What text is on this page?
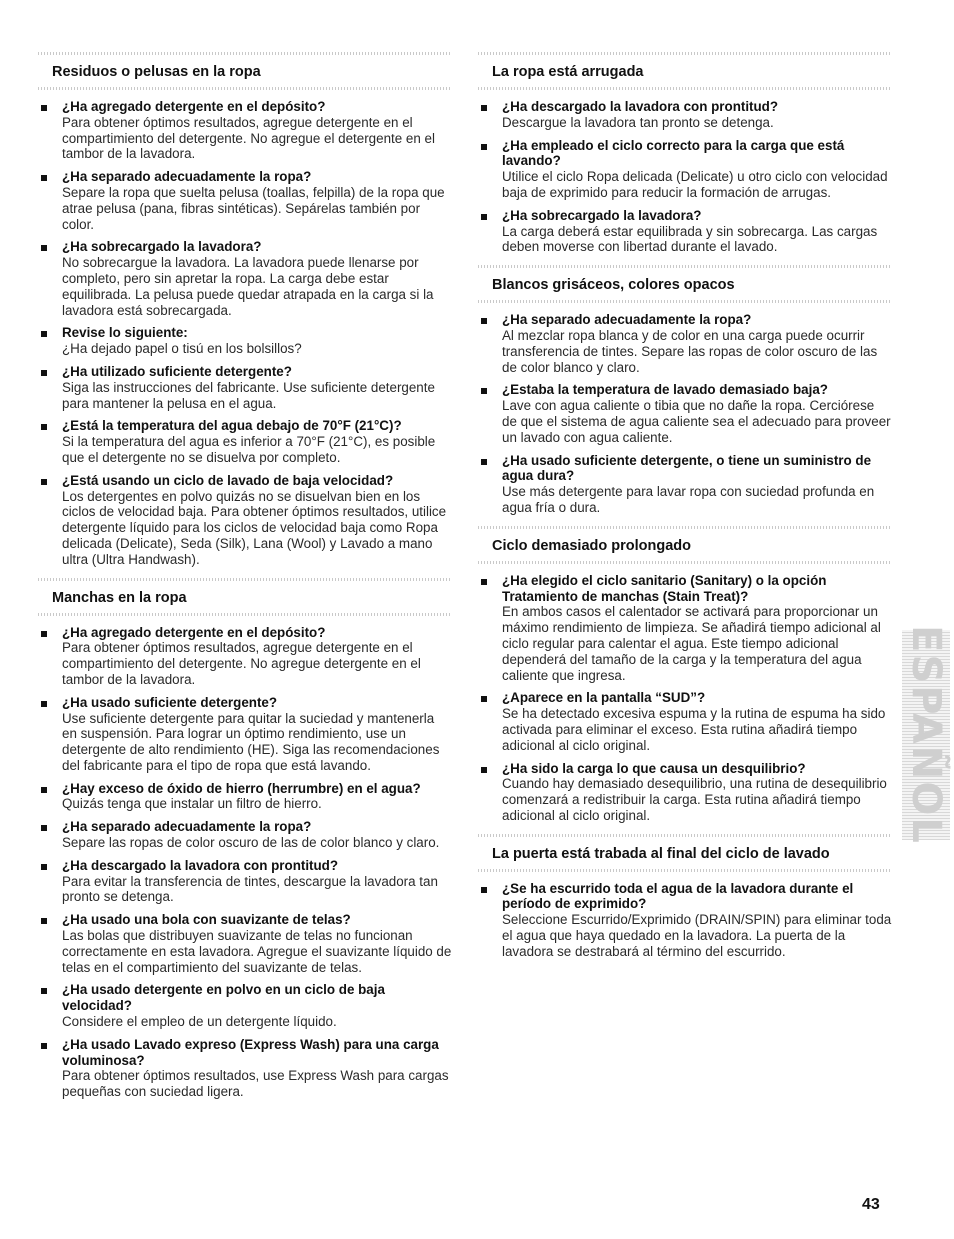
Residuos o pelusas en la ropa
¿Ha agregado detergente en el depósito?
Para obtener óptimos resultados, agregue detergente en el compartimiento del detergente. No agregue el detergente en el tambor de la lavadora.
¿Ha separado adecuadamente la ropa?
Separe la ropa que suelta pelusa (toallas, felpilla) de la ropa que atrae pelusa (pana, fibras sintéticas). Sepárelas también por color.
¿Ha sobrecargado la lavadora?
No sobrecargue la lavadora. La lavadora puede llenarse por completo, pero sin apretar la ropa. La carga debe estar equilibrada. La pelusa puede quedar atrapada en la carga si la lavadora está sobrecargada.
Revise lo siguiente:
¿Ha dejado papel o tisú en los bolsillos?
¿Ha utilizado suficiente detergente?
Siga las instrucciones del fabricante. Use suficiente detergente para mantener la pelusa en el agua.
¿Está la temperatura del agua debajo de 70°F (21°C)?
Si la temperatura del agua es inferior a 70°F (21°C), es posible que el detergente no se disuelva por completo.
¿Está usando un ciclo de lavado de baja velocidad?
Los detergentes en polvo quizás no se disuelvan bien en los ciclos de velocidad baja. Para obtener óptimos resultados, utilice detergente líquido para los ciclos de velocidad baja como Ropa delicada (Delicate), Seda (Silk), Lana (Wool) y Lavado a mano ultra (Ultra Handwash).
Manchas en la ropa
¿Ha agregado detergente en el depósito?
Para obtener óptimos resultados, agregue detergente en el compartimiento del detergente. No agregue detergente en el tambor de la lavadora.
¿Ha usado suficiente detergente?
Use suficiente detergente para quitar la suciedad y mantenerla en suspensión. Para lograr un óptimo rendimiento, use un detergente de alto rendimiento (HE). Siga las recomendaciones del fabricante para el tipo de ropa que está lavando.
¿Hay exceso de óxido de hierro (herrumbre) en el agua?
Quizás tenga que instalar un filtro de hierro.
¿Ha separado adecuadamente la ropa?
Separe las ropas de color oscuro de las de color blanco y claro.
¿Ha descargado la lavadora con prontitud?
Para evitar la transferencia de tintes, descargue la lavadora tan pronto se detenga.
¿Ha usado una bola con suavizante de telas?
Las bolas que distribuyen suavizante de telas no funcionan correctamente en esta lavadora. Agregue el suavizante líquido de telas en el compartimiento del suavizante de telas.
¿Ha usado detergente en polvo en un ciclo de baja velocidad?
Considere el empleo de un detergente líquido.
¿Ha usado Lavado expreso (Express Wash) para una carga voluminosa?
Para obtener óptimos resultados, use Express Wash para cargas pequeñas con suciedad ligera.
La ropa está arrugada
¿Ha descargado la lavadora con prontitud?
Descargue la lavadora tan pronto se detenga.
¿Ha empleado el ciclo correcto para la carga que está lavando?
Utilice el ciclo Ropa delicada (Delicate) u otro ciclo con velocidad baja de exprimido para reducir la formación de arrugas.
¿Ha sobrecargado la lavadora?
La carga deberá estar equilibrada y sin sobrecarga. Las cargas deben moverse con libertad durante el lavado.
Blancos grisáceos, colores opacos
¿Ha separado adecuadamente la ropa?
Al mezclar ropa blanca y de color en una carga puede ocurrir transferencia de tintes. Separe las ropas de color oscuro de las de color blanco y claro.
¿Estaba la temperatura de lavado demasiado baja?
Lave con agua caliente o tibia que no dañe la ropa. Cerciórese de que el sistema de agua caliente sea el adecuado para proveer un lavado con agua caliente.
¿Ha usado suficiente detergente, o tiene un suministro de agua dura?
Use más detergente para lavar ropa con suciedad profunda en agua fría o dura.
Ciclo demasiado prolongado
¿Ha elegido el ciclo sanitario (Sanitary) o la opción Tratamiento de manchas (Stain Treat)?
En ambos casos el calentador se activará para proporcionar un máximo rendimiento de limpieza. Se añadirá tiempo adicional al ciclo regular para calentar el agua. Este tiempo adicional dependerá del tamaño de la carga y la temperatura del agua caliente que ingresa.
¿Aparece en la pantalla “SUD”?
Se ha detectado excesiva espuma y la rutina de espuma ha sido activada para eliminar el exceso. Esta rutina añadirá tiempo adicional al ciclo original.
¿Ha sido la carga lo que causa un desquilibrio?
Cuando hay demasiado desequilibrio, una rutina de desequilibrio comenzará a redistribuir la carga. Esta rutina añadirá tiempo adicional al ciclo original.
La puerta está trabada al final del ciclo de lavado
¿Se ha escurrido toda el agua de la lavadora durante el período de exprimido?
Seleccione Escurrido/Exprimido (DRAIN/SPIN) para eliminar toda el agua que haya quedado en la lavadora. La puerta de la lavadora se destrabará al término del escurrido.
ESPAÑOL
43
